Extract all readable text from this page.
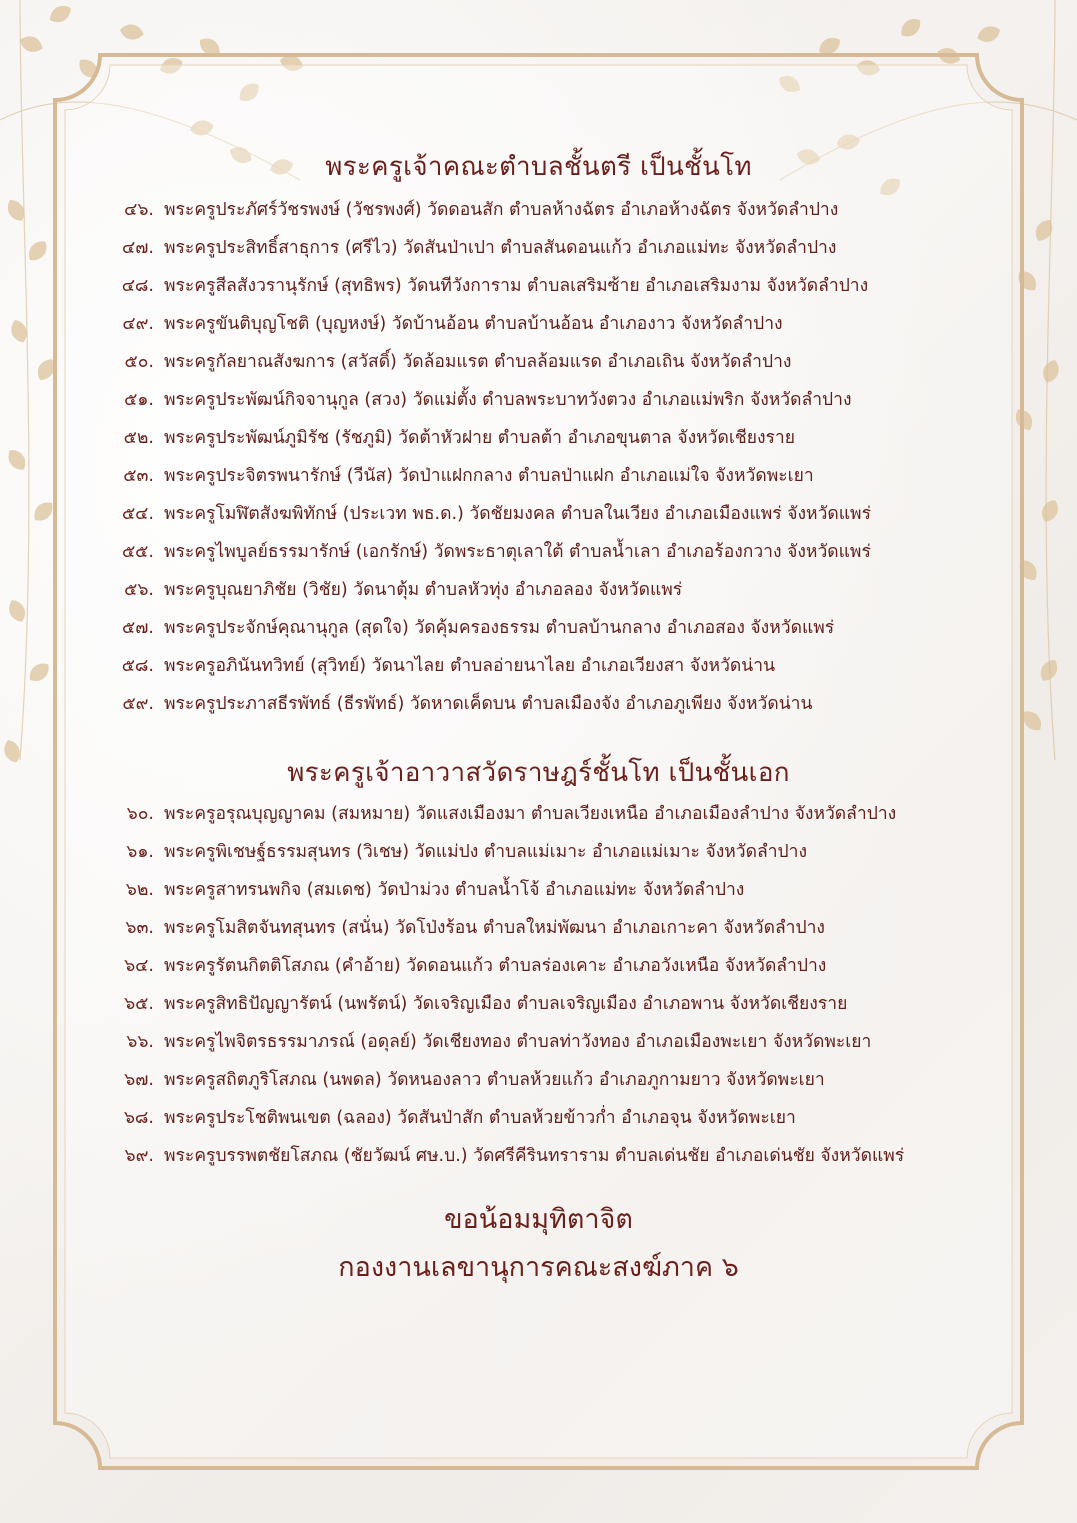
พระครูเจ้าคณะตำบลชั้นตรี เป็นชั้นโท
๔๖. พระครูประภัศร์วัชรพงษ์ (วัชรพงศ์) วัดดอนสัก ตำบลห้างฉัตร อำเภอห้างฉัตร จังหวัดลำปาง
๔๗. พระครูประสิทธิ์สาธุการ (ศรีไว) วัดสันป่าเปา ตำบลสันดอนแก้ว อำเภอแม่ทะ จังหวัดลำปาง
๔๘. พระครูสีลสังวรานุรักษ์ (สุทธิพร) วัดนทีวังการาม ตำบลเสริมซ้าย อำเภอเสริมงาม จังหวัดลำปาง
๔๙. พระครูขันติบุญโชติ (บุญหงษ์) วัดบ้านอ้อน ตำบลบ้านอ้อน อำเภองาว จังหวัดลำปาง
๕๐. พระครูกัลยาณสังฆการ (สวัสดิ์) วัดล้อมแรต ตำบลล้อมแรด อำเภอเถิน จังหวัดลำปาง
๕๑. พระครูประพัฒน์กิจจานุกูล (สวง) วัดแม่ตั้ง ตำบลพระบาทวังตวง อำเภอแม่พริก จังหวัดลำปาง
๕๒. พระครูประพัฒน์ภูมิรัช (รัชภูมิ) วัดต้าหัวฝาย ตำบลต้า อำเภอขุนตาล จังหวัดเชียงราย
๕๓. พระครูประจิตรพนารักษ์ (วีนัส) วัดป่าแฝกกลาง ตำบลป่าแฝก อำเภอแม่ใจ จังหวัดพะเยา
๕๔. พระครูโมฬิตสังฆพิทักษ์ (ประเวท พธ.ด.) วัดชัยมงคล ตำบลในเวียง อำเภอเมืองแพร่ จังหวัดแพร่
๕๕. พระครูไพบูลย์ธรรมารักษ์ (เอกรักษ์) วัดพระธาตุเลาใต้ ตำบลน้ำเลา อำเภอร้องกวาง จังหวัดแพร่
๕๖. พระครูบุณยาภิชัย (วิชัย) วัดนาตุ้ม ตำบลหัวทุ่ง อำเภอลอง จังหวัดแพร่
๕๗. พระครูประจักษ์คุณานุกูล (สุดใจ) วัดคุ้มครองธรรม ตำบลบ้านกลาง อำเภอสอง จังหวัดแพร่
๕๘. พระครูอภินันทวิทย์ (สุวิทย์) วัดนาไลย ตำบลอ่ายนาไลย อำเภอเวียงสา จังหวัดน่าน
๕๙. พระครูประภาสธีรพัทธ์ (ธีรพัทธ์) วัดหาดเค็ดบน ตำบลเมืองจัง อำเภอภูเพียง จังหวัดน่าน
พระครูเจ้าอาวาสวัดราษฎร์ชั้นโท เป็นชั้นเอก
๖๐. พระครูอรุณบุญญาคม (สมหมาย) วัดแสงเมืองมา ตำบลเวียงเหนือ อำเภอเมืองลำปาง จังหวัดลำปาง
๖๑. พระครูพิเชษฐ์ธรรมสุนทร (วิเชษ) วัดแม่ปง ตำบลแม่เมาะ อำเภอแม่เมาะ จังหวัดลำปาง
๖๒. พระครูสาทรนพกิจ (สมเดช) วัดป่าม่วง ตำบลน้ำโจ้ อำเภอแม่ทะ จังหวัดลำปาง
๖๓. พระครูโมสิตจันทสุนทร (สนั่น) วัดโป่งร้อน ตำบลใหม่พัฒนา อำเภอเกาะคา จังหวัดลำปาง
๖๔. พระครูรัตนกิตติโสภณ (คำอ้าย) วัดดอนแก้ว ตำบลร่องเคาะ อำเภอวังเหนือ จังหวัดลำปาง
๖๕. พระครูสิทธิปัญญารัตน์ (นพรัตน์) วัดเจริญเมือง ตำบลเจริญเมือง อำเภอพาน จังหวัดเชียงราย
๖๖. พระครูไพจิตรธรรมาภรณ์ (อดุลย์) วัดเชียงทอง ตำบลท่าวังทอง อำเภอเมืองพะเยา จังหวัดพะเยา
๖๗. พระครูสถิตภูริโสภณ (นพดล) วัดหนองลาว ตำบลห้วยแก้ว อำเภอภูกามยาว จังหวัดพะเยา
๖๘. พระครูประโชติพนเขต (ฉลอง) วัดสันป่าสัก ตำบลห้วยข้าวก่ำ อำเภอจุน จังหวัดพะเยา
๖๙. พระครูบรรพตชัยโสภณ (ชัยวัฒน์ ศษ.บ.) วัดศรีคีรินทราราม ตำบลเด่นชัย อำเภอเด่นชัย จังหวัดแพร่
ขอน้อมมุทิตาจิต
กองงานเลขานุการคณะสงฆ์ภาค ๖
